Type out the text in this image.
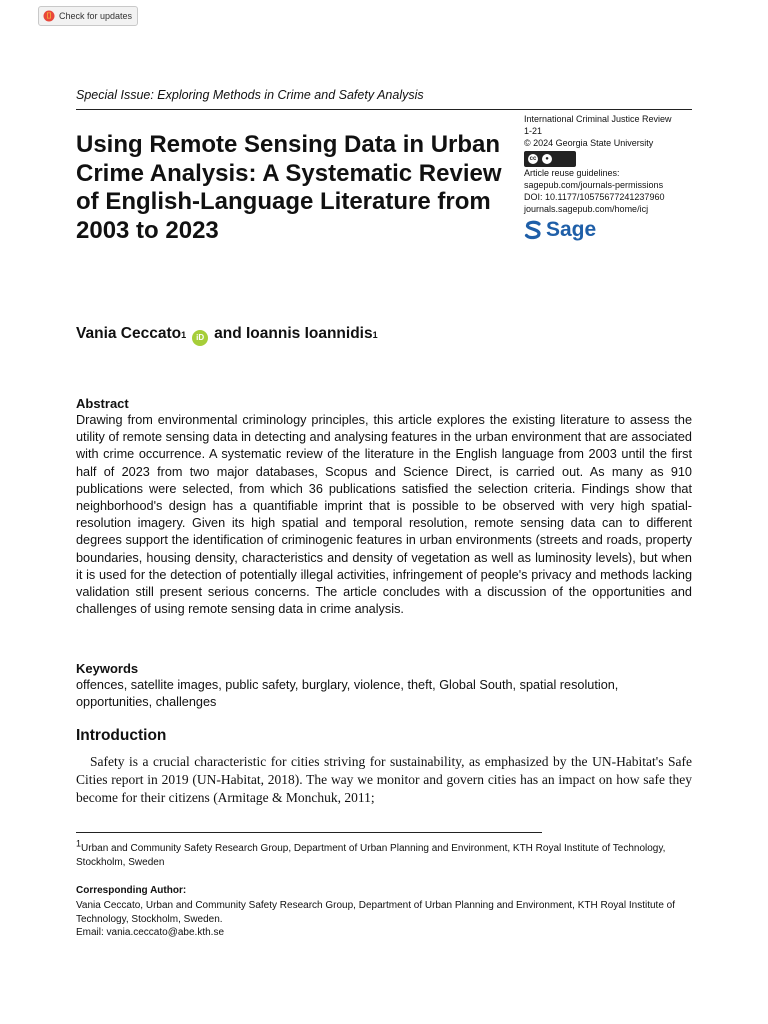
Check for updates
Special Issue: Exploring Methods in Crime and Safety Analysis
Using Remote Sensing Data in Urban Crime Analysis: A Systematic Review of English-Language Literature from 2003 to 2023
International Criminal Justice Review
1-21
© 2024 Georgia State University
cc	●
Article reuse guidelines:
sagepub.com/journals-permissions
DOI: 10.1177/10575677241237960
journals.sagepub.com/home/icj
Sage
Vania Ceccato 1	iD and
Ioannis Ioannidis 1
Abstract

Drawing from environmental criminology principles, this article explores the existing literature to assess the utility of remote sensing data in detecting and analysing features in the urban environment that are associated with crime occurrence. A systematic review of the literature in the English language from 2003 until the first half of 2023 from two major databases, Scopus and Science Direct, is carried out. As many as 910 publications were selected, from which 36 publications satisfied the selection criteria. Findings show that neighborhood's design has a quantifiable imprint that is possible to be observed with very high spatial-resolution imagery. Given its high spatial and temporal resolution, remote sensing data can to different degrees support the identification of criminogenic features in urban environments (streets and roads, property boundaries, housing density, characteristics and density of vegetation as well as luminosity levels), but when it is used for the detection of potentially illegal activities, infringement of people's privacy and methods lacking validation still present serious concerns. The article concludes with a discussion of the opportunities and challenges of using remote sensing data in crime analysis.

Keywords

offences, satellite images, public safety, burglary, violence, theft, Global South, spatial resolution, opportunities, challenges

Introduction

Safety is a crucial characteristic for cities striving for sustainability, as emphasized by the UN-Habitat's Safe Cities report in 2019 (UN-Habitat, 2018). The way we monitor and govern cities has an impact on how safe they become for their citizens (Armitage & Monchuk, 2011;

1Urban and Community Safety Research Group, Department of Urban Planning and Environment, KTH Royal Institute of Technology, Stockholm, Sweden

Corresponding Author:
Vania Ceccato, Urban and Community Safety Research Group, Department of Urban Planning and Environment, KTH Royal Institute of Technology, Stockholm, Sweden.
Email: vania.ceccato@abe.kth.se
